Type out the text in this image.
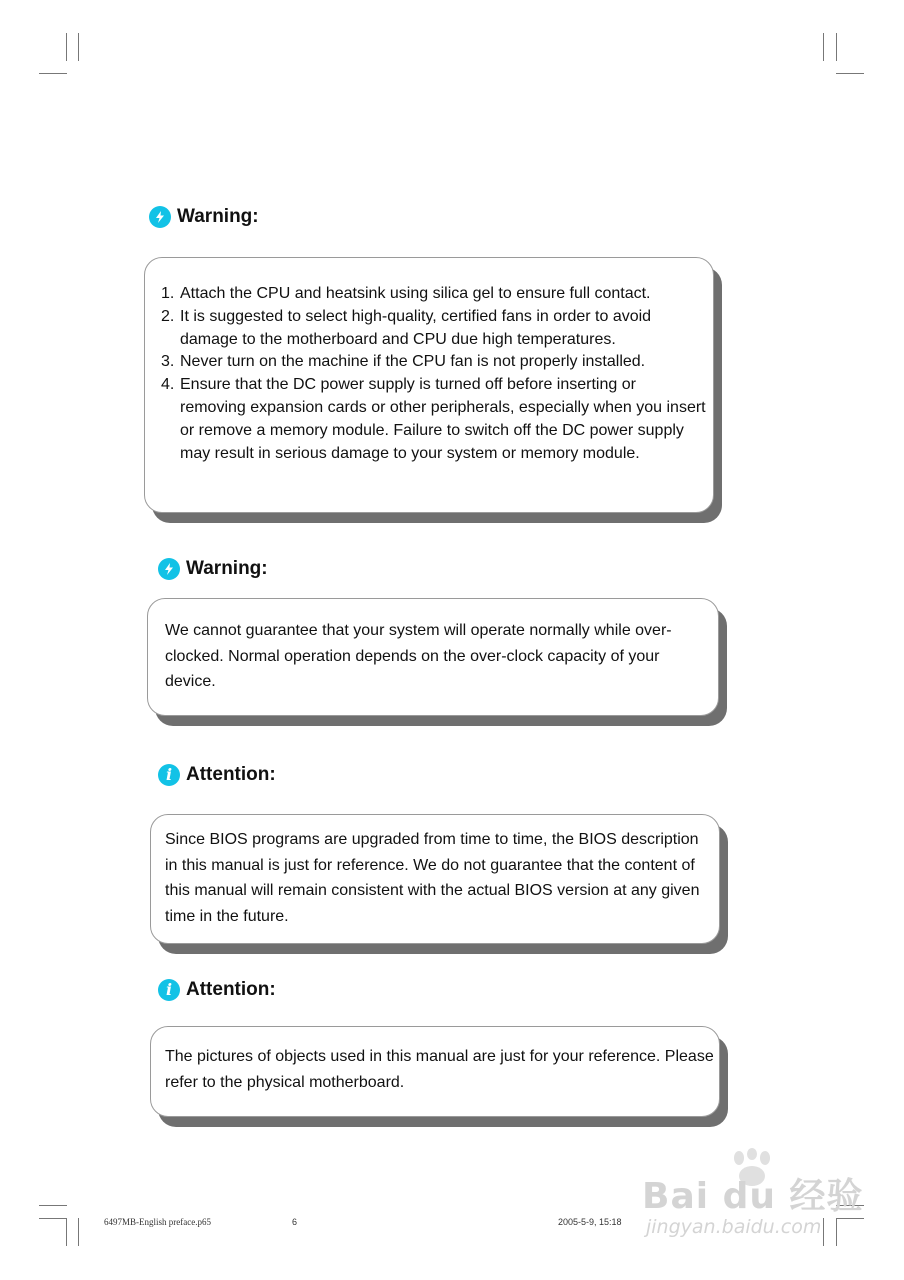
Warning:
1. Attach the CPU and heatsink using silica gel to ensure full contact.
2. It is suggested to select high-quality, certified fans in order to avoid damage to the motherboard and CPU due high temperatures.
3. Never turn on the machine if the CPU fan is not properly installed.
4. Ensure that the DC power supply is turned off before inserting or removing expansion cards or other peripherals, especially when you insert or remove a memory module. Failure to switch off the DC power supply may result in serious damage to your system or memory module.
Warning:
We cannot guarantee that your system will operate normally while over-clocked. Normal operation depends on the over-clock capacity of your device.
i Attention:
Since BIOS programs are upgraded from time to time, the BIOS description in this manual is just for reference. We do not guarantee that the content of this manual will remain consistent with the actual BIOS version at any given time in the future.
i Attention:
The pictures of objects used in this manual are just for your reference. Please refer to the physical motherboard.
6497MB-English preface.p65	6	2005-5-9, 15:18
Bai du 经验
jingyan.baidu.com
